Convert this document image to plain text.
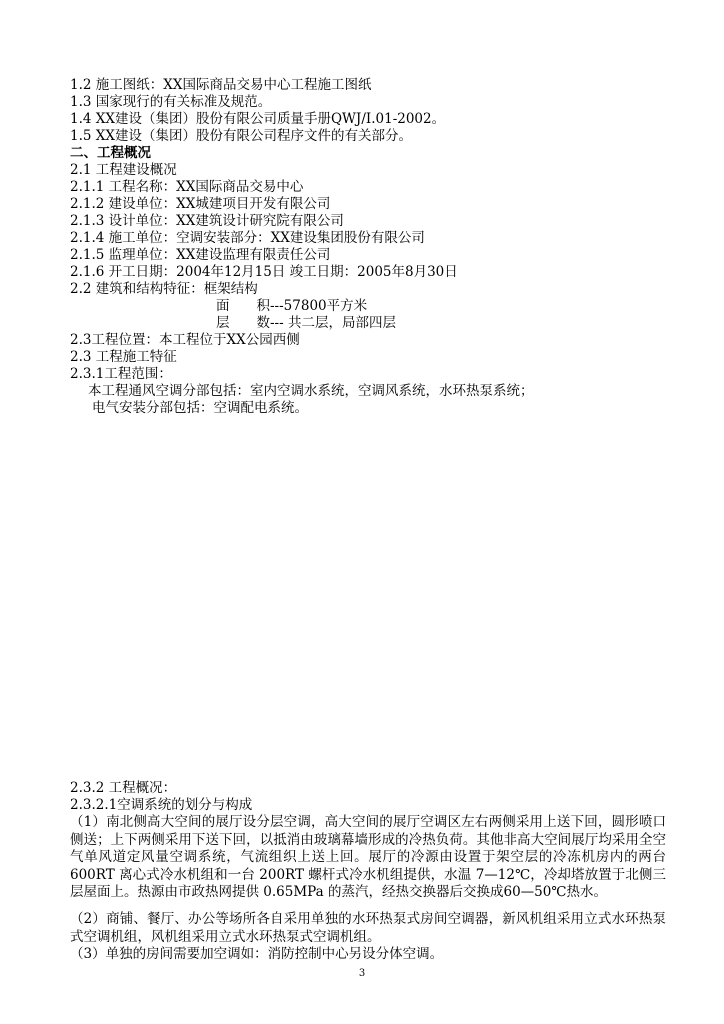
1.2 施工图纸：XX国际商品交易中心工程施工图纸
1.3 国家现行的有关标准及规范。
1.4 XX建设（集团）股份有限公司质量手册QWJ/I.01-2002。
1.5 XX建设（集团）股份有限公司程序文件的有关部分。
二、工程概况
2.1 工程建设概况
2.1.1 工程名称：XX国际商品交易中心
2.1.2 建设单位：XX城建项目开发有限公司
2.1.3 设计单位：XX建筑设计研究院有限公司
2.1.4 施工单位：空调安装部分：XX建设集团股份有限公司
2.1.5 监理单位：XX建设监理有限责任公司
2.1.6 开工日期：2004年12月15日 竣工日期：2005年8月30日
2.2 建筑和结构特征：框架结构
面　　积---57800平方米
层　　数--- 共二层，局部四层
2.3工程位置：本工程位于XX公园西侧
2.3 工程施工特征
2.3.1工程范围：
本工程通风空调分部包括：室内空调水系统，空调风系统，水环热泵系统；
电气安装分部包括：空调配电系统。
2.3.2 工程概况：
2.3.2.1空调系统的划分与构成
（1）南北侧高大空间的展厅设分层空调，高大空间的展厅空调区左右两侧采用上送下回，圆形喷口侧送；上下两侧采用下送下回，以抵消由玻璃幕墙形成的冷热负荷。其他非高大空间展厅均采用全空气单风道定风量空调系统，气流组织上送上回。展厅的冷源由设置于架空层的冷冻机房内的两台 600RT 离心式冷水机组和一台 200RT 螺杆式冷水机组提供，水温 7—12℃，冷却塔放置于北侧三层屋面上。热源由市政热网提供 0.65MPa 的蒸汽，经热交换器后交换成60—50℃热水。
（2）商铺、餐厅、办公等场所各自采用单独的水环热泵式房间空调器，新风机组采用立式水环热泵式空调机组，风机组采用立式水环热泵式空调机组。
（3）单独的房间需要加空调如：消防控制中心另设分体空调。
3
